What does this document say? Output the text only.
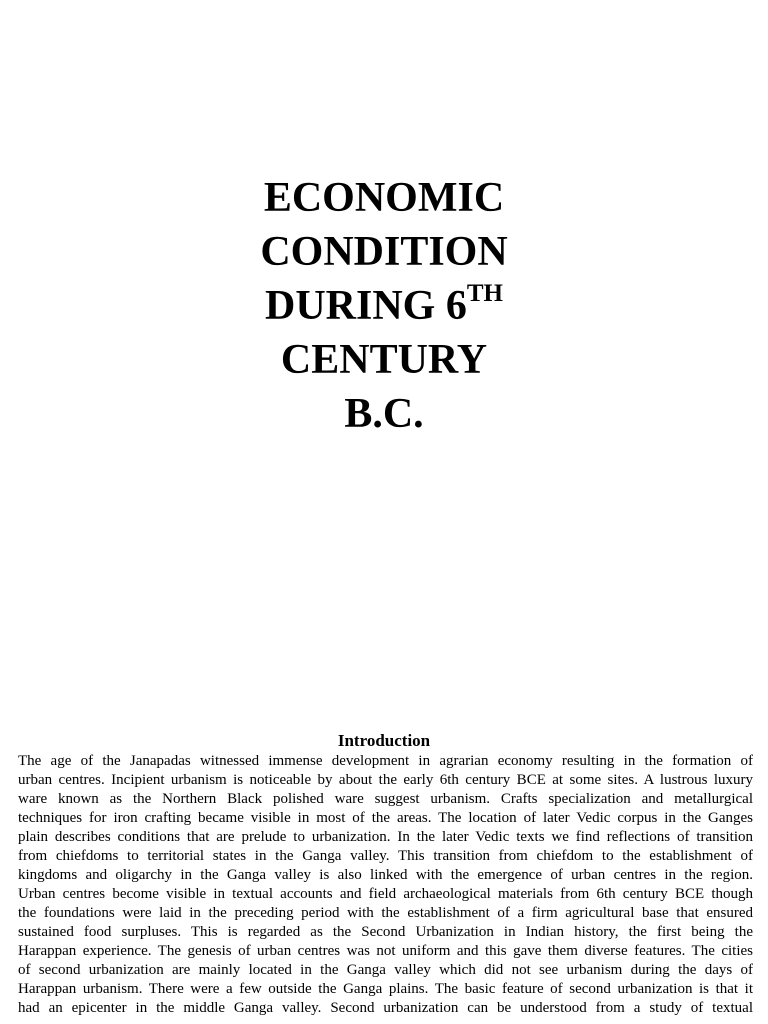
ECONOMIC
CONDITION
DURING 6TH
CENTURY
B.C.
Introduction
The age of the Janapadas witnessed immense development in agrarian economy resulting in the formation of
urban centres. Incipient urbanism is noticeable by about the early 6th century BCE at some sites. A lustrous luxury
ware known as the Northern Black polished ware suggest urbanism. Crafts specialization and metallurgical
techniques for iron crafting became visible in most of the areas. The location of later Vedic corpus in the Ganges
plain describes conditions that are prelude to urbanization. In the later Vedic texts we find reflections of transition
from chiefdoms to territorial states in the Ganga valley. This transition from chiefdom to the establishment of
kingdoms and oligarchy in the Ganga valley is also linked with the emergence of urban centres in the region.
Urban centres become visible in textual accounts and field archaeological materials from 6th century BCE though
the foundations were laid in the preceding period with the establishment of a firm agricultural base that ensured
sustained food surpluses. This is regarded as the Second Urbanization in Indian history, the first being the
Harappan experience. The genesis of urban centres was not uniform and this gave them diverse features. The cities
of second urbanization are mainly located in the Ganga valley which did not see urbanism during the days of
Harappan urbanism. There were a few outside the Ganga plains. The basic feature of second urbanization is that it
had an epicenter in the middle Ganga valley. Second urbanization can be understood from a study of textual
